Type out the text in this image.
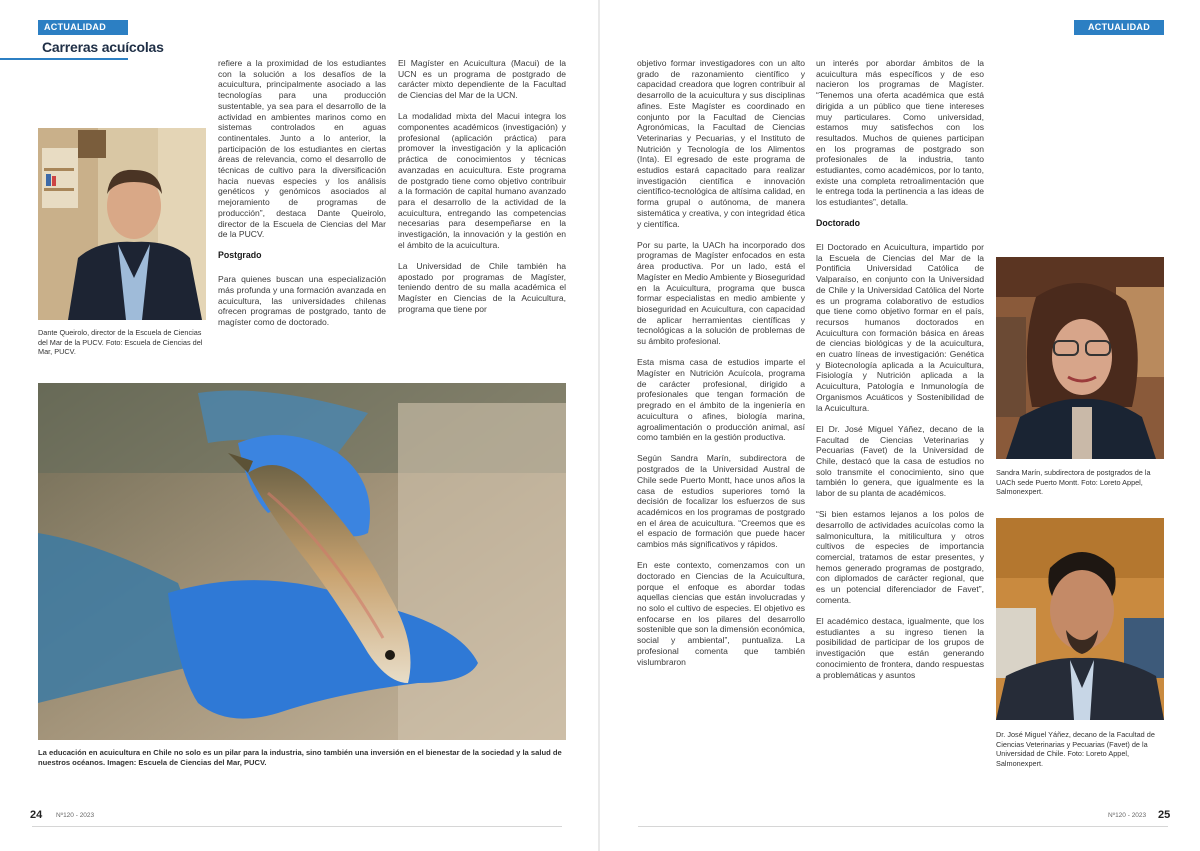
ACTUALIDAD
Carreras acuícolas
Dante Queirolo, director de la Escuela de Ciencias del Mar de la PUCV. Foto: Escuela de Ciencias del Mar, PUCV.

refiere a la proximidad de los estudiantes con la solución a los desafíos de la acuicultura, principalmente asociado a las tecnologías para una producción sustentable, ya sea para el desarrollo de la actividad en ambientes marinos como en sistemas controlados en aguas continentales. Junto a lo anterior, la participación de los estudiantes en ciertas áreas de relevancia, como el desarrollo de técnicas de cultivo para la diversificación hacia nuevas especies y los análisis genéticos y genómicos asociados al mejoramiento de programas de producción”, destaca Dante Queirolo, director de la Escuela de Ciencias del Mar de la PUCV.

Postgrado

Para quienes buscan una especialización más profunda y una formación avanzada en acuicultura, las universidades chilenas ofrecen programas de postgrado, tanto de magíster como de doctorado.

El Magíster en Acuicultura (Macui) de la UCN es un programa de postgrado de carácter mixto dependiente de la Facultad de Ciencias del Mar de la UCN.

La modalidad mixta del Macui integra los componentes académicos (investigación) y profesional (aplicación práctica) para promover la investigación y la aplicación práctica de conocimientos y técnicas avanzadas en acuicultura. Este programa de postgrado tiene como objetivo contribuir a la formación de capital humano avanzado para el desarrollo de la actividad de la acuicultura, entregando las competencias necesarias para desempeñarse en la investigación, la innovación y la gestión en el ámbito de la acuicultura.

La Universidad de Chile también ha apostado por programas de Magíster, teniendo dentro de su malla académica el Magíster en Ciencias de la Acuicultura, programa que tiene por

La educación en acuicultura en Chile no solo es un pilar para la industria, sino también una inversión en el bienestar de la sociedad y la salud de nuestros océanos. Imagen: Escuela de Ciencias del Mar, PUCV.
24 Nº120 - 2023
ACTUALIDAD

objetivo formar investigadores con un alto grado de razonamiento científico y capacidad creadora que logren contribuir al desarrollo de la acuicultura y sus disciplinas afines. Este Magíster es coordinado en conjunto por la Facultad de Ciencias Agronómicas, la Facultad de Ciencias Veterinarias y Pecuarias, y el Instituto de Nutrición y Tecnología de los Alimentos (Inta). El egresado de este programa de estudios estará capacitado para realizar investigación científica e innovación científico-tecnológica de altísima calidad, en forma grupal o autónoma, de manera sistemática y creativa, y con integridad ética y científica.

Por su parte, la UACh ha incorporado dos programas de Magíster enfocados en esta área productiva. Por un lado, está el Magíster en Medio Ambiente y Bioseguridad en la Acuicultura, programa que busca formar especialistas en medio ambiente y bioseguridad en Acuicultura, con capacidad de aplicar herramientas científicas y tecnológicas a la solución de problemas de su ámbito profesional.

Esta misma casa de estudios imparte el Magíster en Nutrición Acuícola, programa de carácter profesional, dirigido a profesionales que tengan formación de pregrado en el ámbito de la ingeniería en acuicultura o afines, biología marina, agroalimentación o producción animal, así como también en la gestión productiva.

Según Sandra Marín, subdirectora de postgrados de la Universidad Austral de Chile sede Puerto Montt, hace unos años la casa de estudios superiores tomó la decisión de focalizar los esfuerzos de sus académicos en los programas de postgrado en el área de acuicultura. “Creemos que es el espacio de formación que puede hacer cambios más significativos y rápidos.

En este contexto, comenzamos con un doctorado en Ciencias de la Acuicultura, porque el enfoque es abordar todas aquellas ciencias que están involucradas y no solo el cultivo de especies. El objetivo es enfocarse en los pilares del desarrollo sostenible que son la dimensión económica, social y ambiental”, puntualiza. La profesional comenta que también vislumbraron

un interés por abordar ámbitos de la acuicultura más específicos y de eso nacieron los programas de Magíster. “Tenemos una oferta académica que está dirigida a un público que tiene intereses muy particulares. Como universidad, estamos muy satisfechos con los resultados. Muchos de quienes participan en los programas de postgrado son profesionales de la industria, tanto estudiantes, como académicos, por lo tanto, existe una completa retroalimentación que le entrega toda la pertinencia a las ideas de los estudiantes”, detalla.

Doctorado

El Doctorado en Acuicultura, impartido por la Escuela de Ciencias del Mar de la Pontificia Universidad Católica de Valparaíso, en conjunto con la Universidad de Chile y la Universidad Católica del Norte es un programa colaborativo de estudios que tiene como objetivo formar en el país, recursos humanos doctorados en Acuicultura con formación básica en áreas de ciencias biológicas y de la acuicultura, en cuatro líneas de investigación: Genética y Biotecnología aplicada a la Acuicultura, Fisiología y Nutrición aplicada a la Acuicultura, Patología e Inmunología de Organismos Acuáticos y Sostenibilidad de la Acuicultura.

El Dr. José Miguel Yáñez, decano de la Facultad de Ciencias Veterinarias y Pecuarias (Favet) de la Universidad de Chile, destacó que la casa de estudios no solo transmite el conocimiento, sino que también lo genera, que igualmente es la labor de su planta de académicos.

“Si bien estamos lejanos a los polos de desarrollo de actividades acuícolas como la salmonicultura, la mitilicultura y otros cultivos de especies de importancia comercial, tratamos de estar presentes, y hemos generado programas de postgrado, con diplomados de carácter regional, que es un potencial diferenciador de Favet”, comenta.

El académico destaca, igualmente, que los estudiantes a su ingreso tienen la posibilidad de participar de los grupos de investigación que están generando conocimiento de frontera, dando respuestas a problemáticas y asuntos

Sandra Marín, subdirectora de postgrados de la UACh sede Puerto Montt. Foto: Loreto Appel, Salmonexpert.
Dr. José Miguel Yáñez, decano de la Facultad de Ciencias Veterinarias y Pecuarias (Favet) de la Universidad de Chile. Foto: Loreto Appel, Salmonexpert.
Nº120 - 2023 25
